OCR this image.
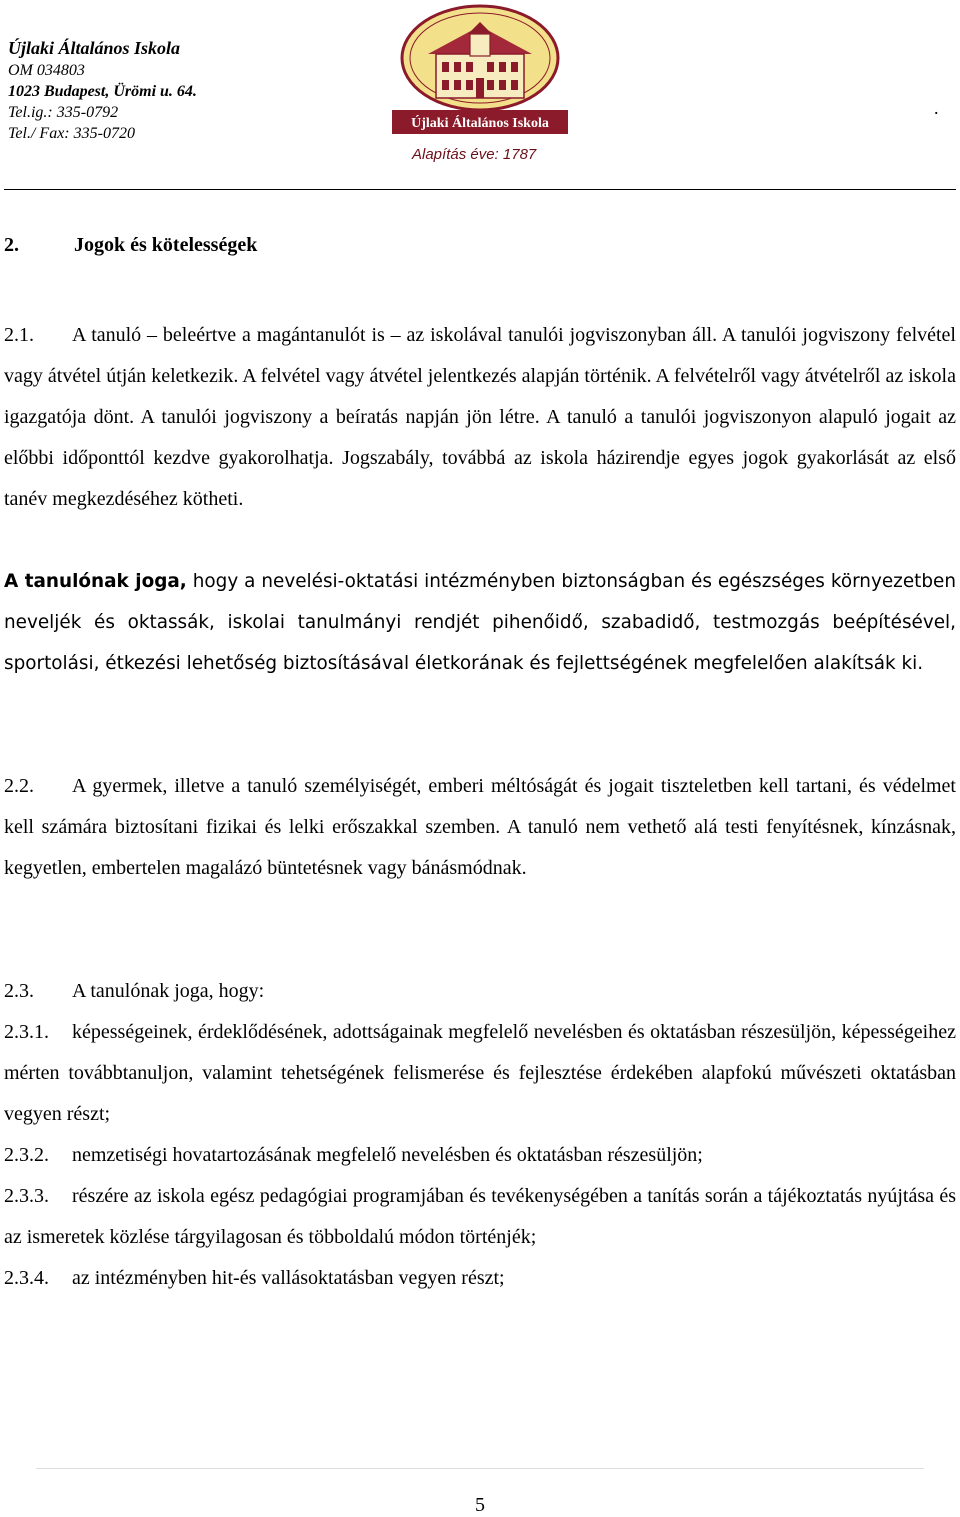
Újlaki Általános Iskola
OM 034803
1023 Budapest, Ürömi u. 64.
Tel.ig.: 335-0792
Tel./ Fax: 335-0720
Újlaki Általános Iskola
Alapítás éve: 1787
.
2.	Jogok és kötelességek

2.1. A tanuló – beleértve a magántanulót is – az iskolával tanulói jogviszonyban áll. A tanulói jogviszony felvétel vagy átvétel útján keletkezik. A felvétel vagy átvétel jelentkezés alapján történik. A felvételről vagy átvételről az iskola igazgatója dönt. A tanulói jogviszony a beíratás napján jön létre. A tanuló a tanulói jogviszonyon alapuló jogait az előbbi időponttól kezdve gyakorolhatja. Jogszabály, továbbá az iskola házirendje egyes jogok gyakorlását az első tanév megkezdéséhez kötheti.

A tanulónak joga, hogy a nevelési-oktatási intézményben biztonságban és egészséges környezetben neveljék és oktassák, iskolai tanulmányi rendjét pihenőidő, szabadidő, testmozgás beépítésével, sportolási, étkezési lehetőség biztosításával életkorának és fejlettségének megfelelően alakítsák ki.

2.2. A gyermek, illetve a tanuló személyiségét, emberi méltóságát és jogait tiszteletben kell tartani, és védelmet kell számára biztosítani fizikai és lelki erőszakkal szemben. A tanuló nem vethető alá testi fenyítésnek, kínzásnak, kegyetlen, embertelen magalázó büntetésnek vagy bánásmódnak.

2.3. A tanulónak joga, hogy:

2.3.1. képességeinek, érdeklődésének, adottságainak megfelelő nevelésben és oktatásban részesüljön, képességeihez mérten továbbtanuljon, valamint tehetségének felismerése és fejlesztése érdekében alapfokú művészeti oktatásban vegyen részt;

2.3.2. nemzetiségi hovatartozásának megfelelő nevelésben és oktatásban részesüljön;

2.3.3. részére az iskola egész pedagógiai programjában és tevékenységében a tanítás során a tájékoztatás nyújtása és az ismeretek közlése tárgyilagosan és többoldalú módon történjék;

2.3.4. az intézményben hit-és vallásoktatásban vegyen részt;

5
